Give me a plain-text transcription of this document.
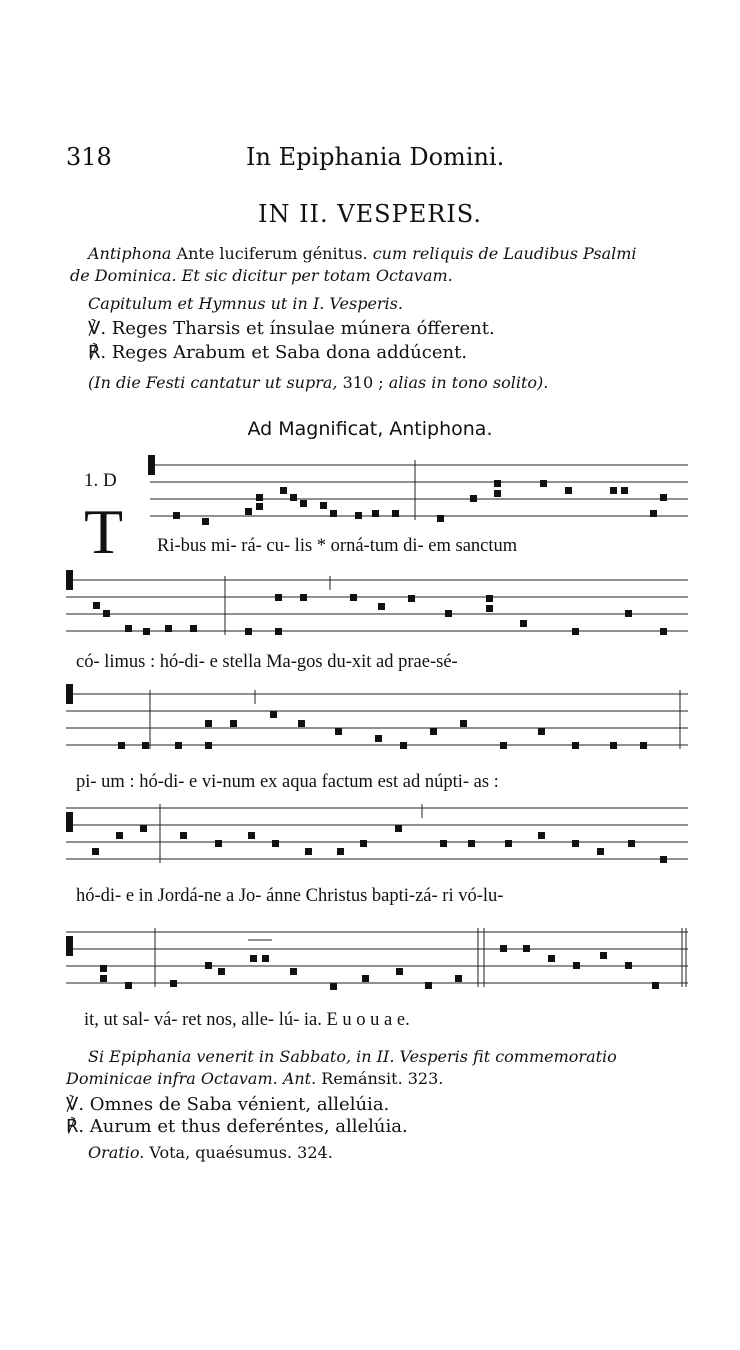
318	In Epiphania Domini.
IN II. VESPERIS.
Antiphona Ante luciferum génitus. cum reliquis de Laudibus Psalmi
de Dominica. Et sic dicitur per totam Octavam.
Capitulum et Hymnus ut in I. Vesperis.
℣. Reges Tharsis et ínsulae múnera ófferent.
℟. Reges Arabum et Saba dona addúcent.
(In die Festi cantatur ut supra, 310 ; alias in tono solito).
Ad Magnificat, Antiphona.
1. D
T Ri-bus mi- rá- cu- lis * orná-tum di- em sanctum
có- limus : hó-di- e stella Ma-gos du-xit ad prae-sé-
pi- um : hó-di- e vi-num ex aqua factum est ad núpti- as :
hó-di- e in Jordá-ne a Jo- ánne Christus bapti-zá- ri vó-lu-
it, ut sal- vá- ret nos, alle- lú- ia. E u o u a e.
Si Epiphania venerit in Sabbato, in II. Vesperis fit commemoratio
Dominicae infra Octavam. Ant. Remánsit. 323.
℣. Omnes de Saba vénient, allelúia.
℟. Aurum et thus deferéntes, allelúia.
Oratio. Vota, quaésumus. 324.
